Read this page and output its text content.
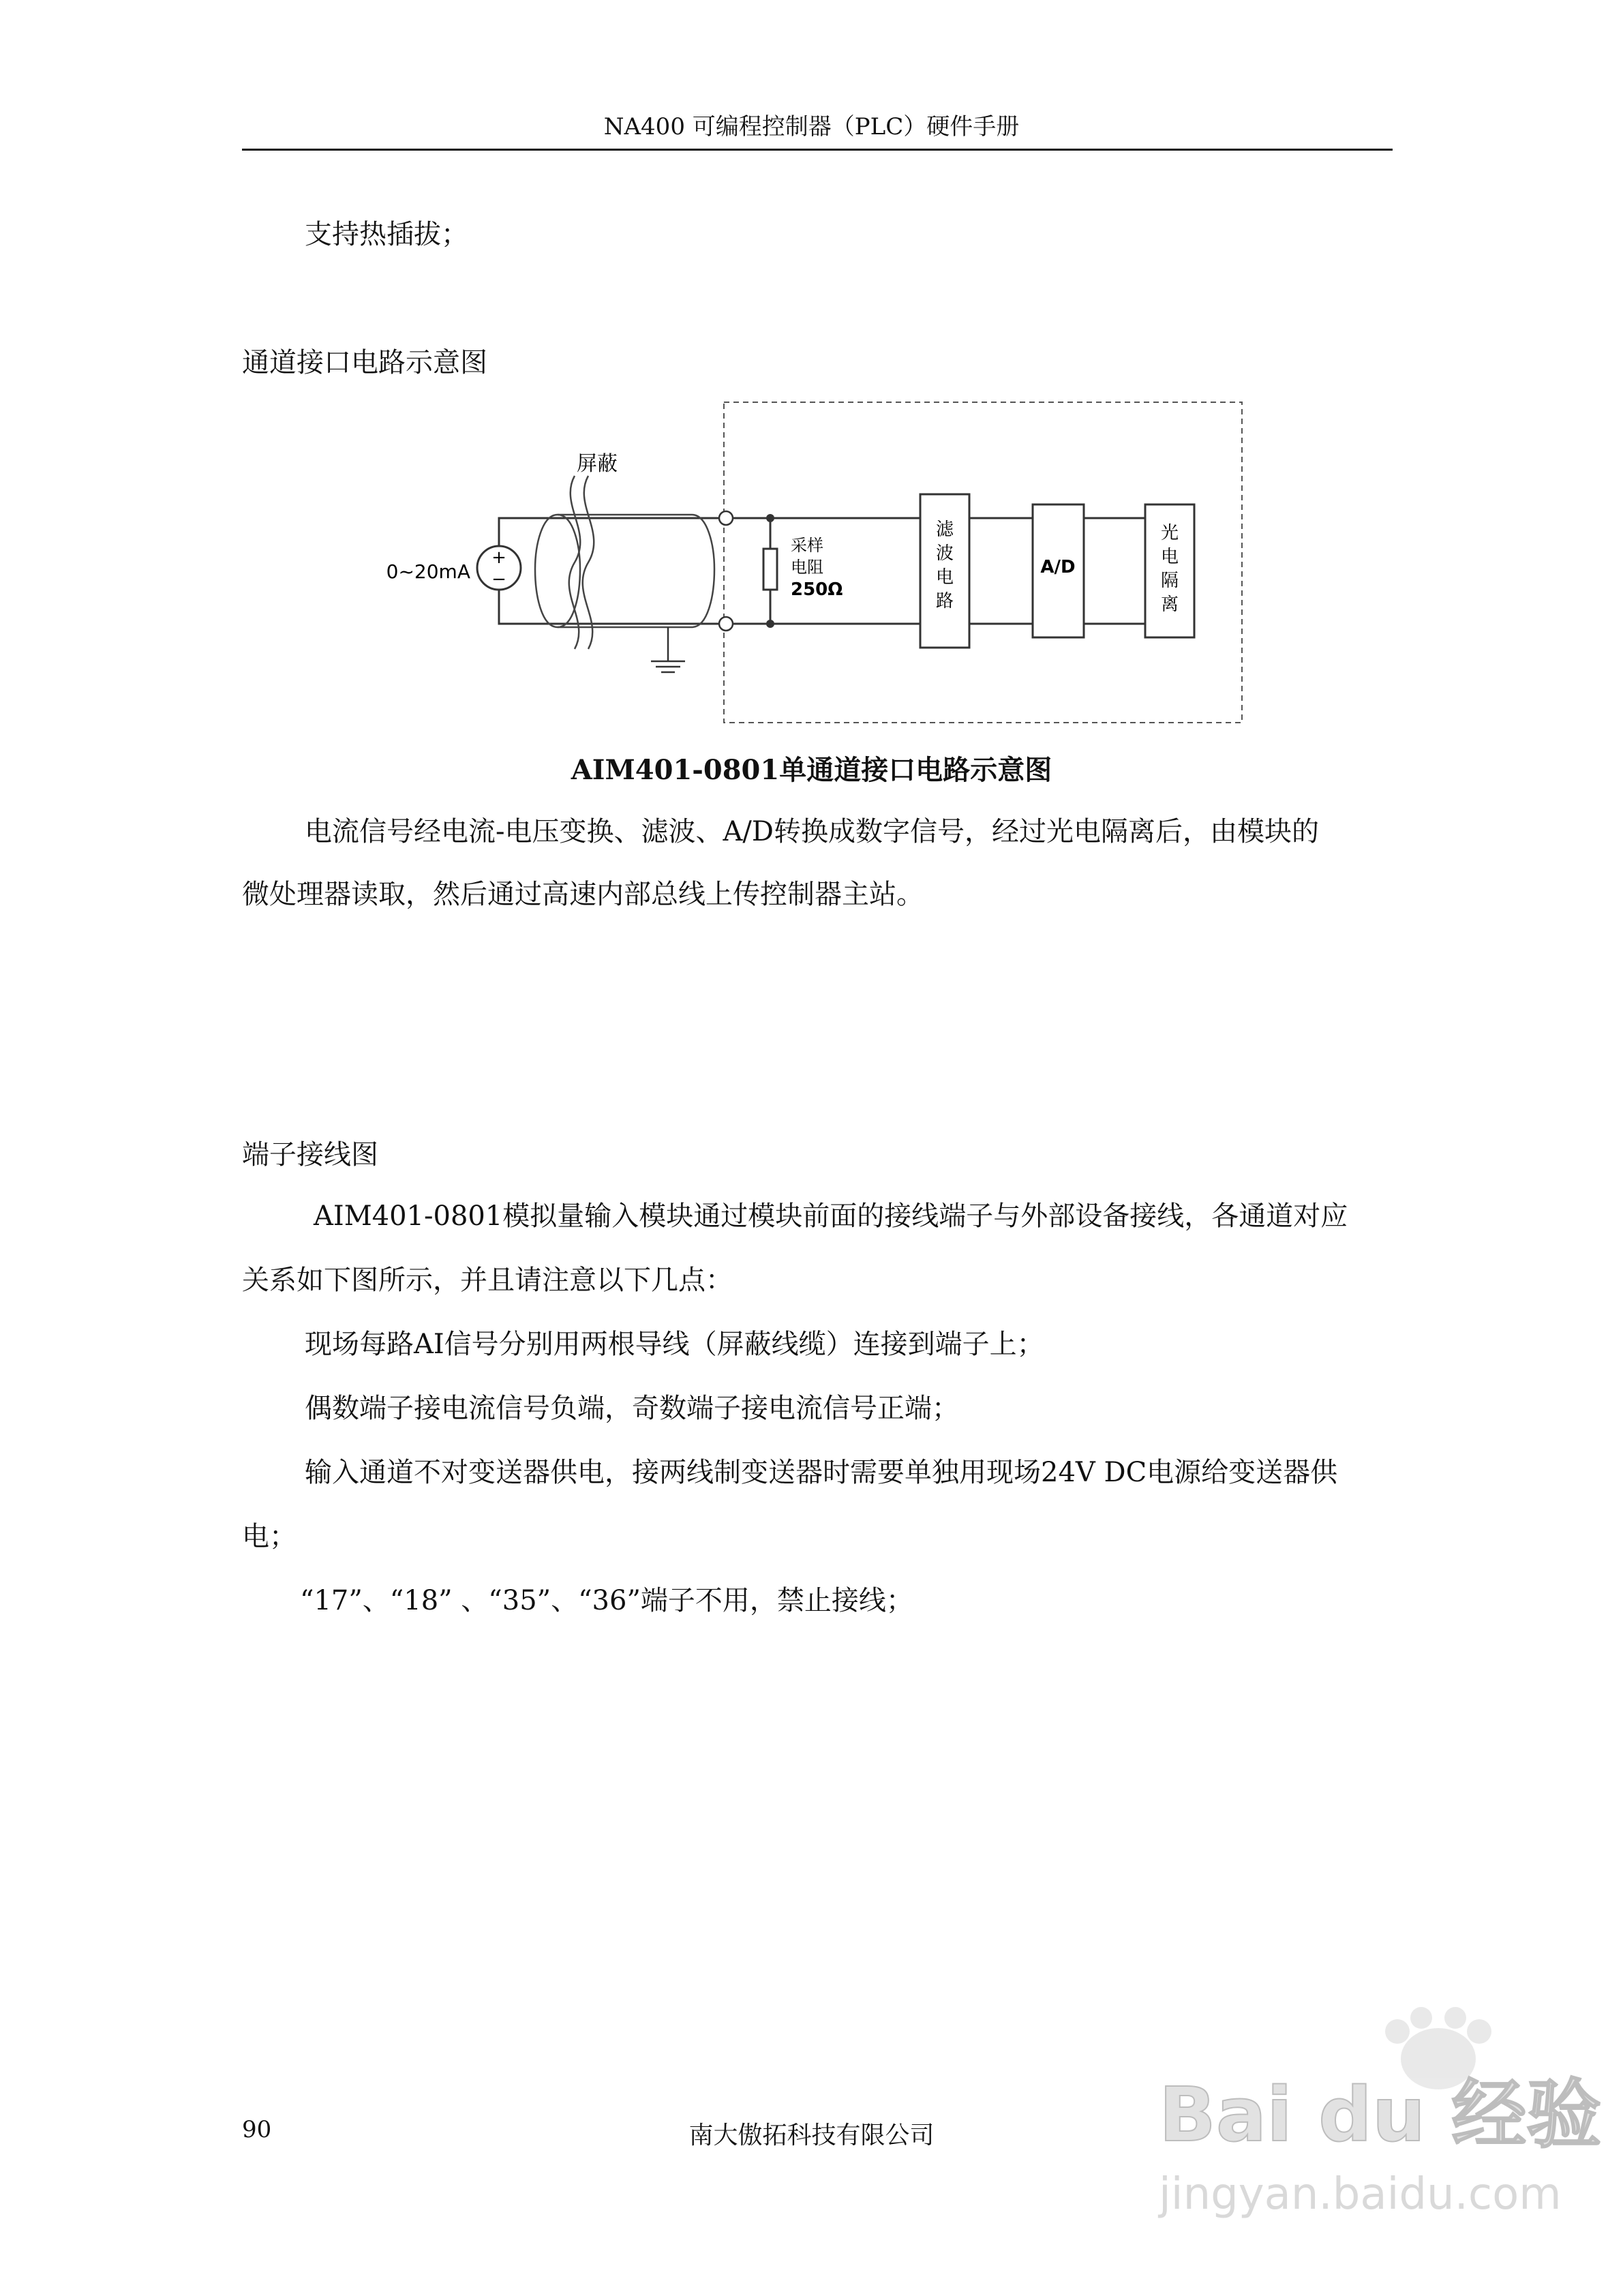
NA400 可编程控制器（PLC）硬件手册
支持热插拔；
通道接口电路示意图
+
−
0~20mA
屏蔽
采样
电阻
250Ω
滤
波
电
路
A/D
光
电
隔
离
AIM401-0801单通道接口电路示意图
电流信号经电流-电压变换、滤波、A/D转换成数字信号，经过光电隔离后，由模块的
微处理器读取，然后通过高速内部总线上传控制器主站。
端子接线图
AIM401-0801模拟量输入模块通过模块前面的接线端子与外部设备接线，各通道对应
关系如下图所示，并且请注意以下几点：
现场每路AI信号分别用两根导线（屏蔽线缆）连接到端子上；
偶数端子接电流信号负端，奇数端子接电流信号正端；
输入通道不对变送器供电，接两线制变送器时需要单独用现场24V DC电源给变送器供
电；
“17”、“18” 、“35”、“36”端子不用，禁止接线；
90	南大傲拓科技有限公司	Bai du 经验
jingyan.baidu.com
